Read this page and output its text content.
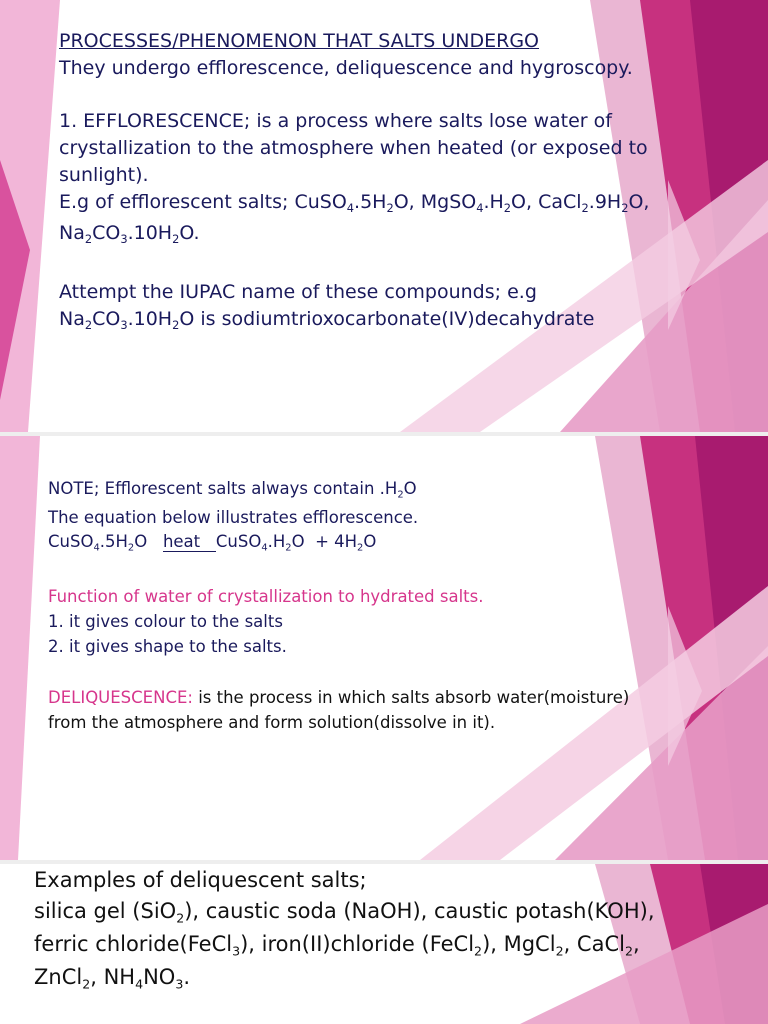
PROCESSES/PHENOMENON THAT SALTS UNDERGO
They undergo efflorescence, deliquescence and hygroscopy.
1. EFFLORESCENCE; is a process where salts lose water of
crystallization to the atmosphere when heated (or exposed to
sunlight).
E.g of efflorescent salts; $CuSO_4.5H_2O$, $MgSO_4.H_2O$, $CaCl_2.9H_2O$,
$Na_2CO_3.10H_2O$.
Attempt the IUPAC name of these compounds; e.g
$Na_2CO_3.10H_2O$ is sodiumtrioxocarbonate(IV)decahydrate
NOTE; Efflorescent salts always contain $.H_2O$
The equation below illustrates efflorescence.
$CuSO_4.5H_2O$   heat $CuSO_4.H_2O + 4H_2O$
Function of water of crystallization to hydrated salts.
1. it gives colour to the salts
2. it gives shape to the salts.
DELIQUESCENCE: is the process in which salts absorb water(moisture)
from the atmosphere and form solution(dissolve in it).
Examples of deliquescent salts;
silica gel (SiO$_2$), caustic soda (NaOH), caustic potash(KOH),
ferric chloride(FeCl$_3$), iron(II)chloride (FeCl$_2$), MgCl$_2$, CaCl$_2$,
ZnCl$_2$, $NH_4NO_3$.
